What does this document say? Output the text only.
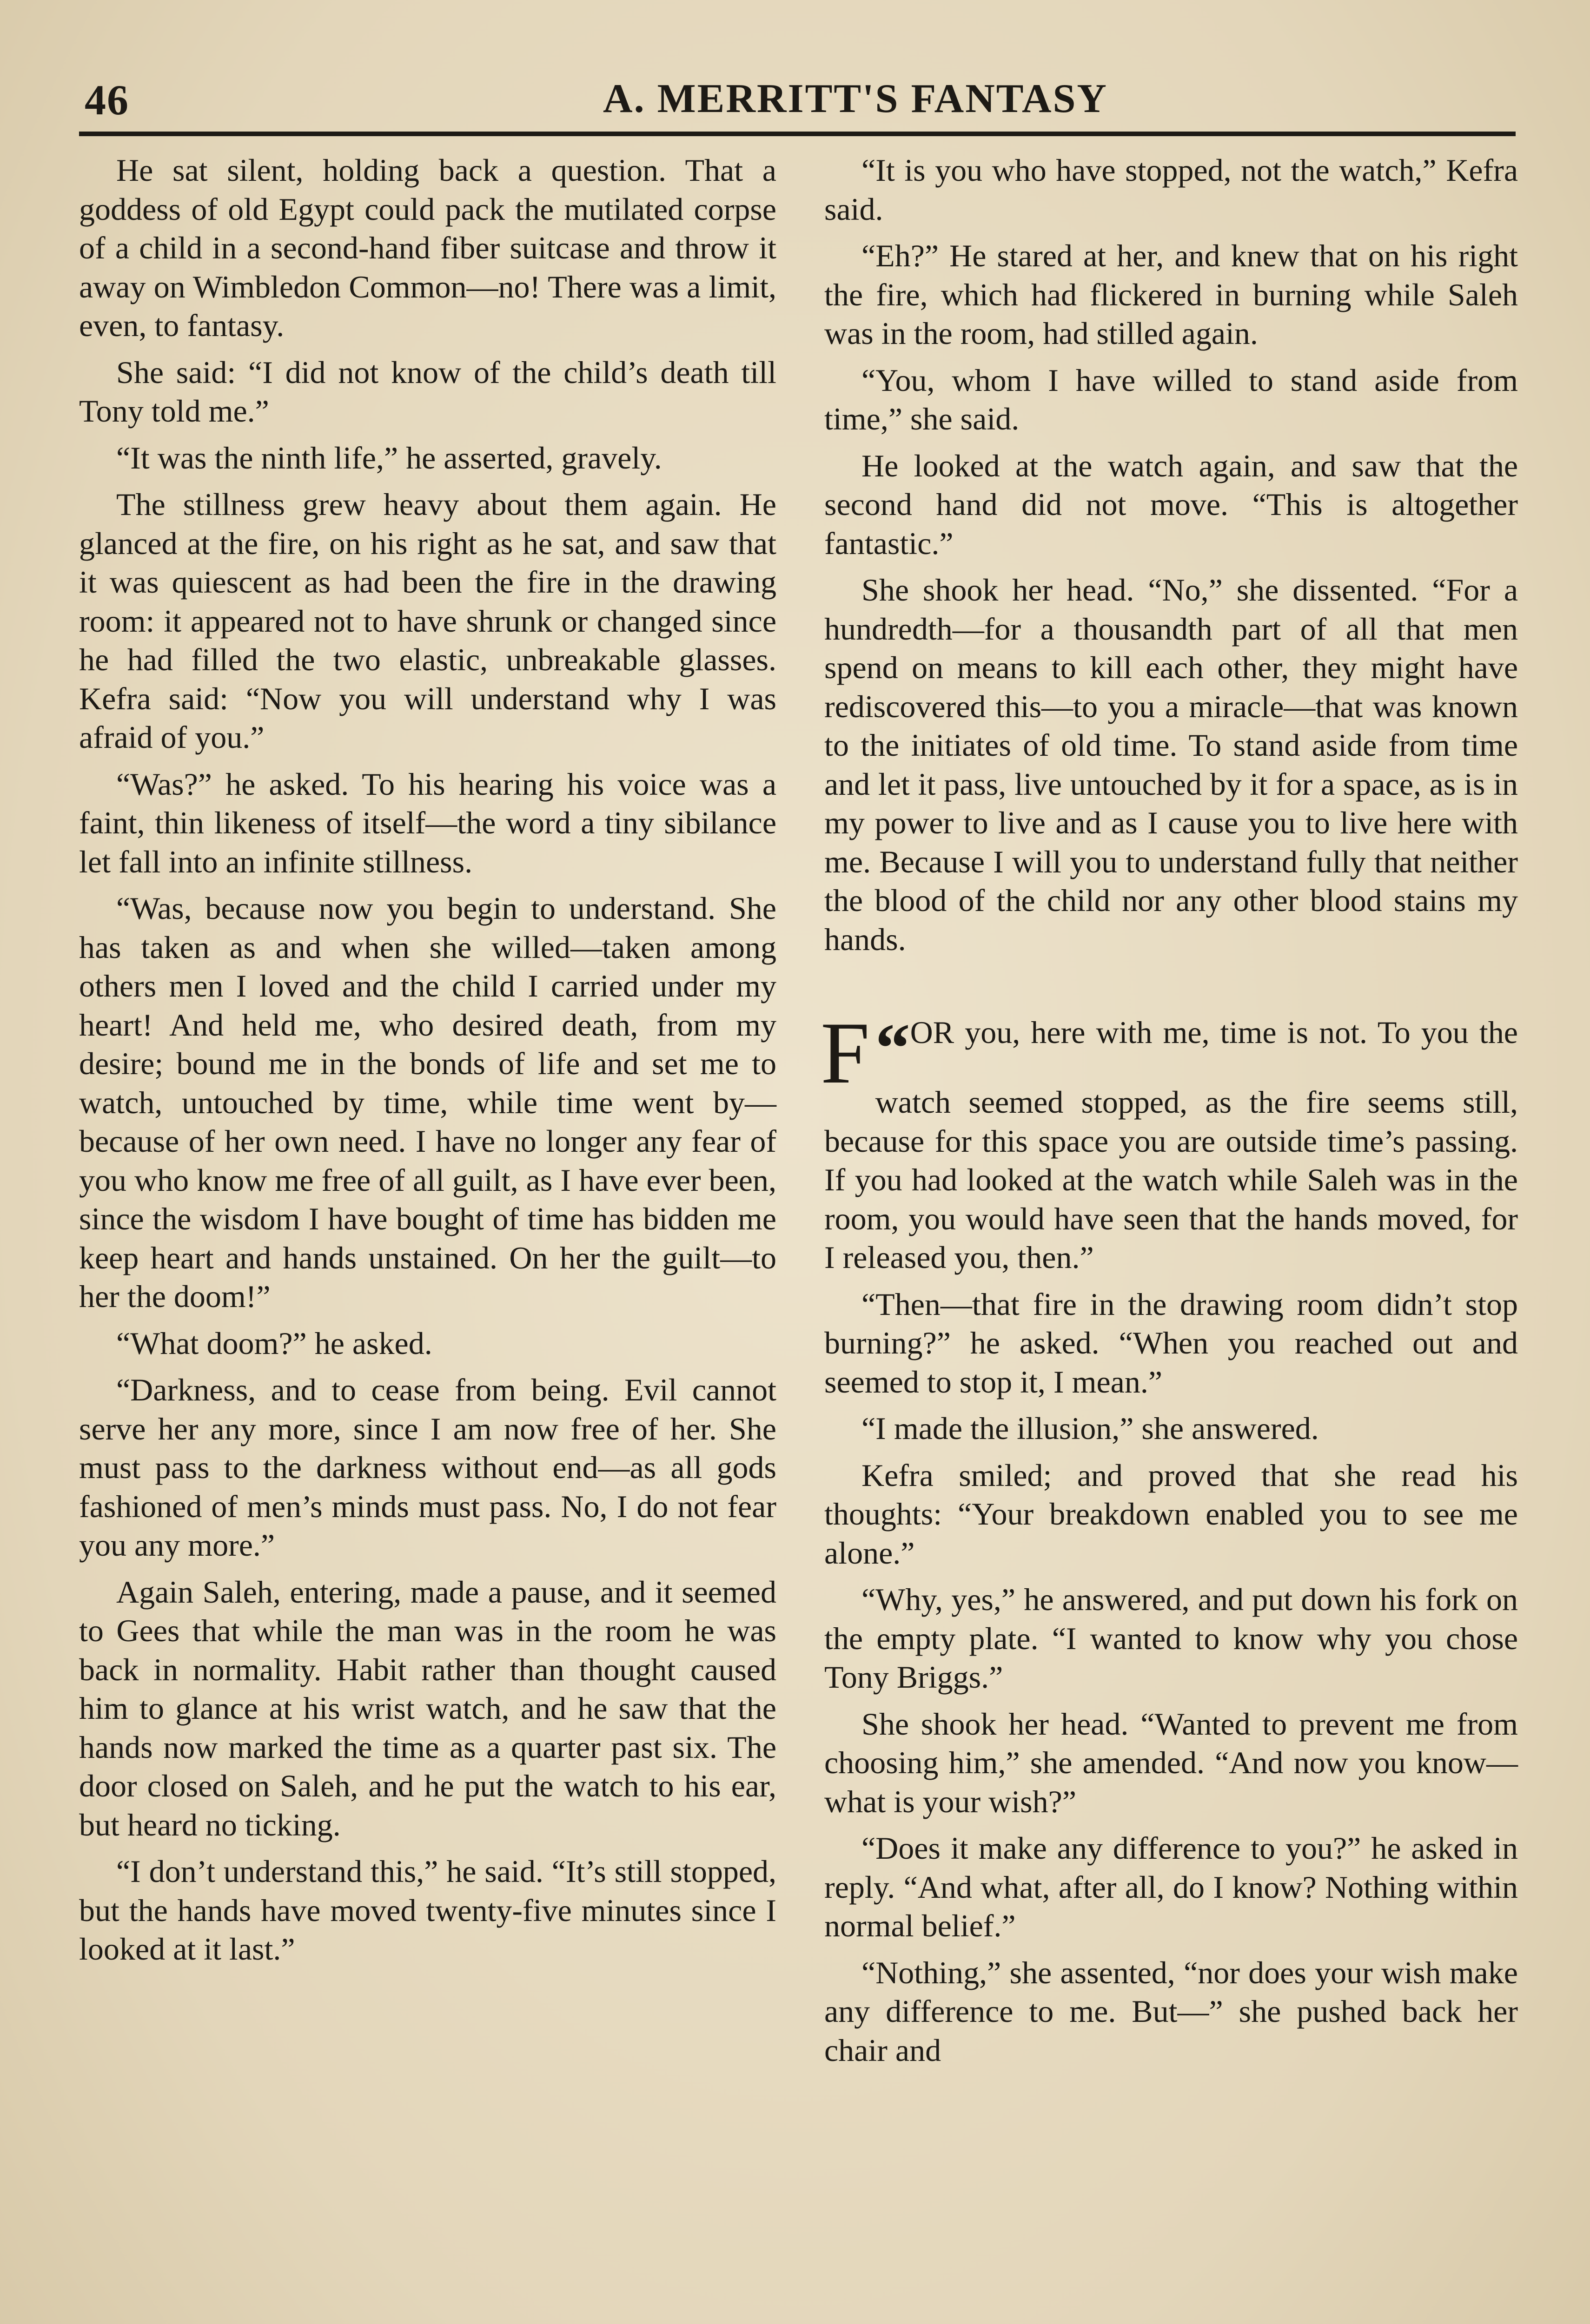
46	A. MERRITT'S FANTASY

He sat silent, holding back a question. That a goddess of old Egypt could pack the mutilated corpse of a child in a second-hand fiber suitcase and throw it away on Wimbledon Common—no! There was a limit, even, to fantasy.

She said: “I did not know of the child’s death till Tony told me.”

“It was the ninth life,” he asserted, gravely.

The stillness grew heavy about them again. He glanced at the fire, on his right as he sat, and saw that it was quiescent as had been the fire in the drawing room: it appeared not to have shrunk or changed since he had filled the two elastic, unbreakable glasses. Kefra said: “Now you will understand why I was afraid of you.”

“Was?” he asked. To his hearing his voice was a faint, thin likeness of itself—the word a tiny sibilance let fall into an infinite stillness.

“Was, because now you begin to understand. She has taken as and when she willed—taken among others men I loved and the child I carried under my heart! And held me, who desired death, from my desire; bound me in the bonds of life and set me to watch, untouched by time, while time went by—because of her own need. I have no longer any fear of you who know me free of all guilt, as I have ever been, since the wisdom I have bought of time has bidden me keep heart and hands unstained. On her the guilt—to her the doom!”

“What doom?” he asked.

“Darkness, and to cease from being. Evil cannot serve her any more, since I am now free of her. She must pass to the darkness without end—as all gods fashioned of men’s minds must pass. No, I do not fear you any more.”

Again Saleh, entering, made a pause, and it seemed to Gees that while the man was in the room he was back in normality. Habit rather than thought caused him to glance at his wrist watch, and he saw that the hands now marked the time as a quarter past six. The door closed on Saleh, and he put the watch to his ear, but heard no ticking.

“I don’t understand this,” he said. “It’s still stopped, but the hands have moved twenty-five minutes since I looked at it last.”

“It is you who have stopped, not the watch,” Kefra said.

“Eh?” He stared at her, and knew that on his right the fire, which had flickered in burning while Saleh was in the room, had stilled again.

“You, whom I have willed to stand aside from time,” she said.

He looked at the watch again, and saw that the second hand did not move. “This is altogether fantastic.”

She shook her head. “No,” she dissented. “For a hundredth—for a thousandth part of all that men spend on means to kill each other, they might have rediscovered this—to you a miracle—that was known to the initiates of old time. To stand aside from time and let it pass, live untouched by it for a space, as is in my power to live and as I cause you to live here with me. Because I will you to understand fully that neither the blood of the child nor any other blood stains my hands.

“
F OR you, here with me, time is not. To you the watch seemed stopped, as the fire seems still, because for this space you are outside time’s passing. If you had looked at the watch while Saleh was in the room, you would have seen that the hands moved, for I released you, then.”

“Then—that fire in the drawing room didn’t stop burning?” he asked. “When you reached out and seemed to stop it, I mean.”

“I made the illusion,” she answered.

Kefra smiled; and proved that she read his thoughts: “Your breakdown enabled you to see me alone.”

“Why, yes,” he answered, and put down his fork on the empty plate. “I wanted to know why you chose Tony Briggs.”

She shook her head. “Wanted to prevent me from choosing him,” she amended. “And now you know—what is your wish?”

“Does it make any difference to you?” he asked in reply. “And what, after all, do I know? Nothing within normal belief.”

“Nothing,” she assented, “nor does your wish make any difference to me. But—” she pushed back her chair and
